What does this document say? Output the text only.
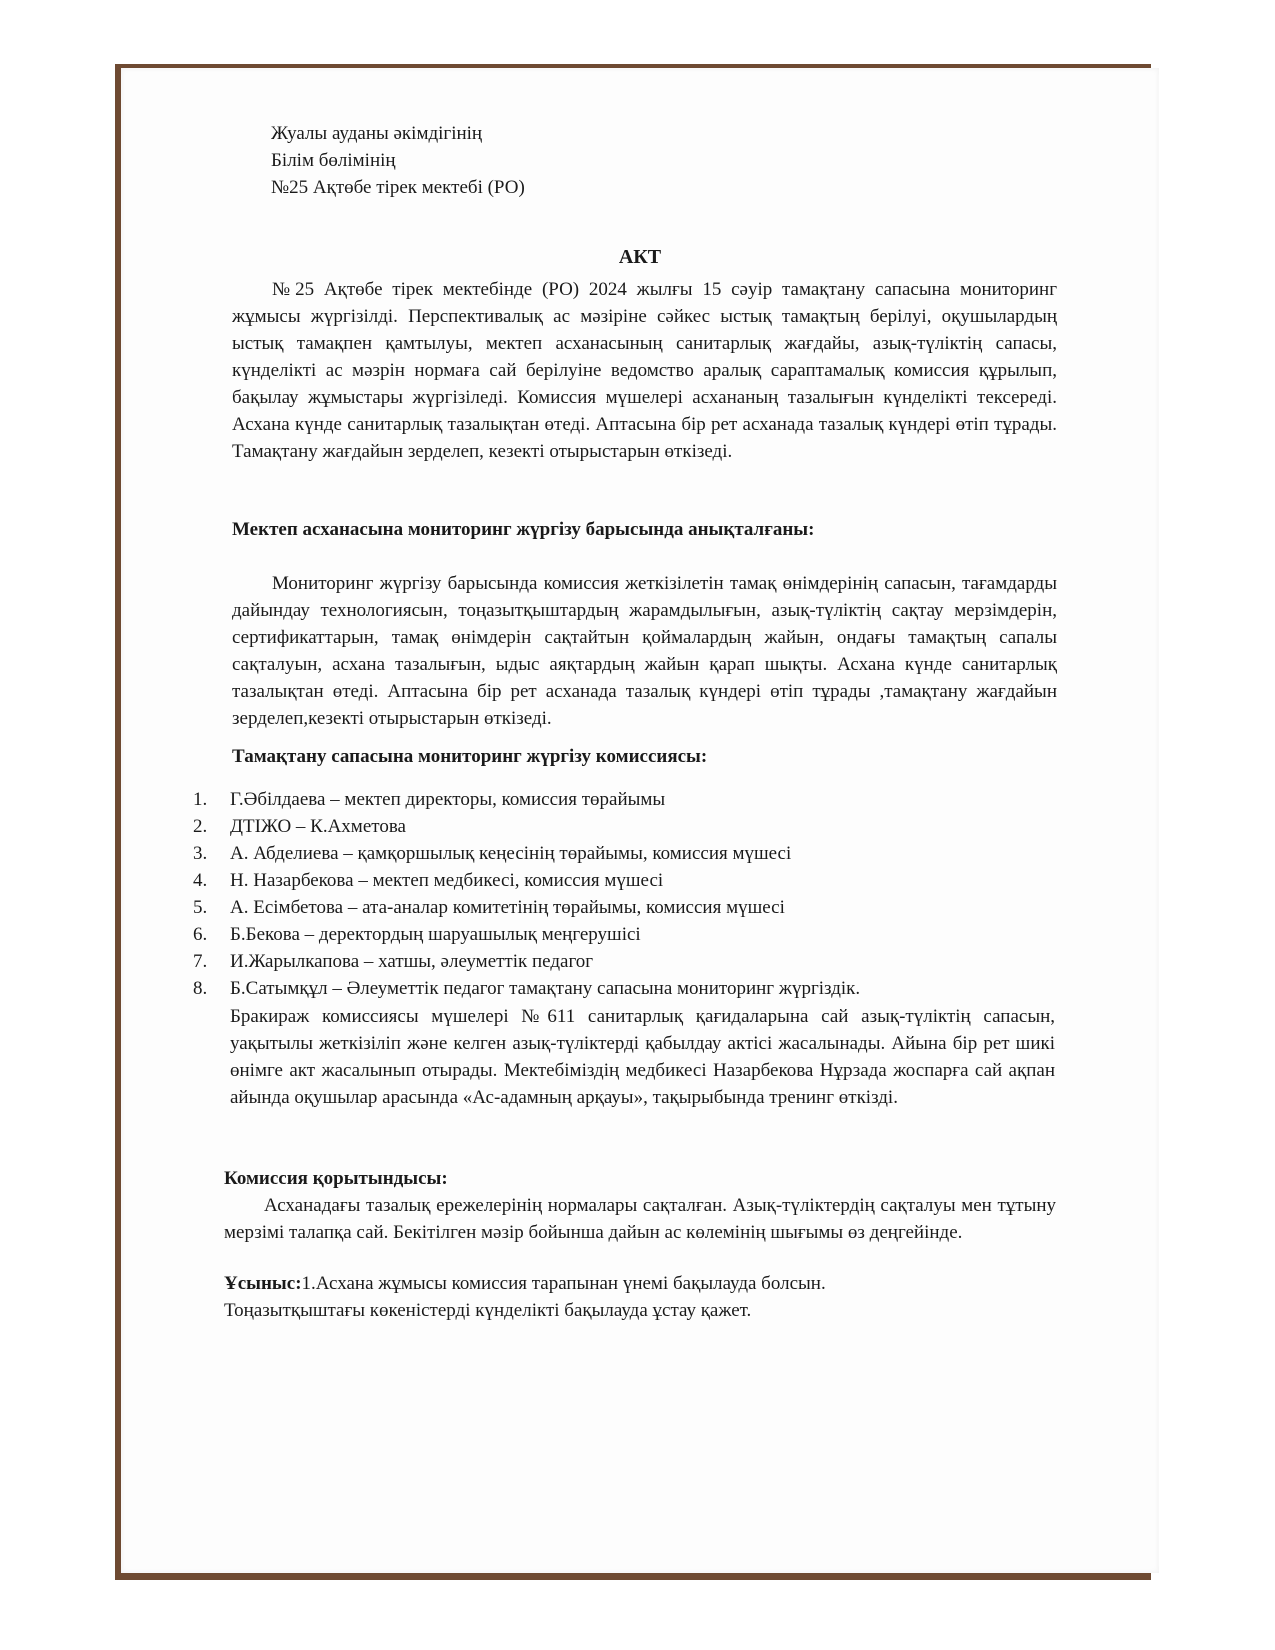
Жуалы ауданы әкімдігінің
Білім бөлімінің
№25 Ақтөбе тірек мектебі (РО)
АКТ

№25 Ақтөбе тірек мектебінде (РО) 2024 жылғы 15 сәуір тамақтану сапасына мониторинг жұмысы жүргізілді. Перспективалық ас мәзіріне сәйкес ыстық тамақтың берілуі, оқушылардың ыстық тамақпен қамтылуы, мектеп асханасының санитарлық жағдайы, азық-түліктің сапасы, күнделікті ас мәзрін нормаға сай берілуіне ведомство аралық сараптамалық комиссия құрылып, бақылау жұмыстары жүргізіледі. Комиссия мүшелері асхананың тазалығын күнделікті тексереді. Асхана күнде санитарлық тазалықтан өтеді. Аптасына бір рет асханада тазалық күндері өтіп тұрады. Тамақтану жағдайын зерделеп, кезекті отырыстарын өткізеді.

Мектеп асханасына мониторинг жүргізу барысында анықталғаны:

Мониторинг жүргізу барысында комиссия жеткізілетін тамақ өнімдерінің сапасын, тағамдарды дайындау технологиясын, тоңазытқыштардың жарамдылығын, азық-түліктің сақтау мерзімдерін, сертификаттарын, тамақ өнімдерін сақтайтын қоймалардың жайын, ондағы тамақтың сапалы сақталуын, асхана тазалығын, ыдыс аяқтардың жайын қарап шықты. Асхана күнде санитарлық тазалықтан өтеді. Аптасына бір рет асханада тазалық күндері өтіп тұрады ,тамақтану жағдайын зерделеп,кезекті отырыстарын өткізеді.

Тамақтану сапасына мониторинг жүргізу комиссиясы:
1.	Г.Әбілдаева – мектеп директоры, комиссия төрайымы
2.	ДТІЖО – К.Ахметова
3.	А. Абделиева – қамқоршылық кеңесінің төрайымы, комиссия мүшесі
4.	Н. Назарбекова – мектеп медбикесі, комиссия мүшесі
5.	А. Есімбетова – ата-аналар комитетінің төрайымы, комиссия мүшесі
6.	Б.Бекова – деректордың шаруашылық меңгерушісі
7.	И.Жарылкапова – хатшы, әлеуметтік педагог
8.	Б.Сатымқұл – Әлеуметтік педагог тамақтану сапасына мониторинг жүргіздік.

Бракираж комиссиясы мүшелері №611 санитарлық қағидаларына сай азық-түліктің сапасын, уақытылы жеткізіліп және келген азық-түліктерді қабылдау актісі жасалынады. Айына бір рет шикі өнімге акт жасалынып отырады. Мектебіміздің медбикесі Назарбекова Нұрзада жоспарға сай ақпан айында оқушылар арасында «Ас-адамның арқауы», тақырыбында тренинг өткізді.

Комиссия қорытындысы:

Асханадағы тазалық ережелерінің нормалары сақталған. Азық-түліктердің сақталуы мен тұтыну мерзімі талапқа сай. Бекітілген мәзір бойынша дайын ас көлемінің шығымы өз деңгейінде.

Ұсыныс:1.Асхана жұмысы комиссия тарапынан үнемі бақылауда болсын.
Тоңазытқыштағы көкеністерді күнделікті бақылауда ұстау қажет.
